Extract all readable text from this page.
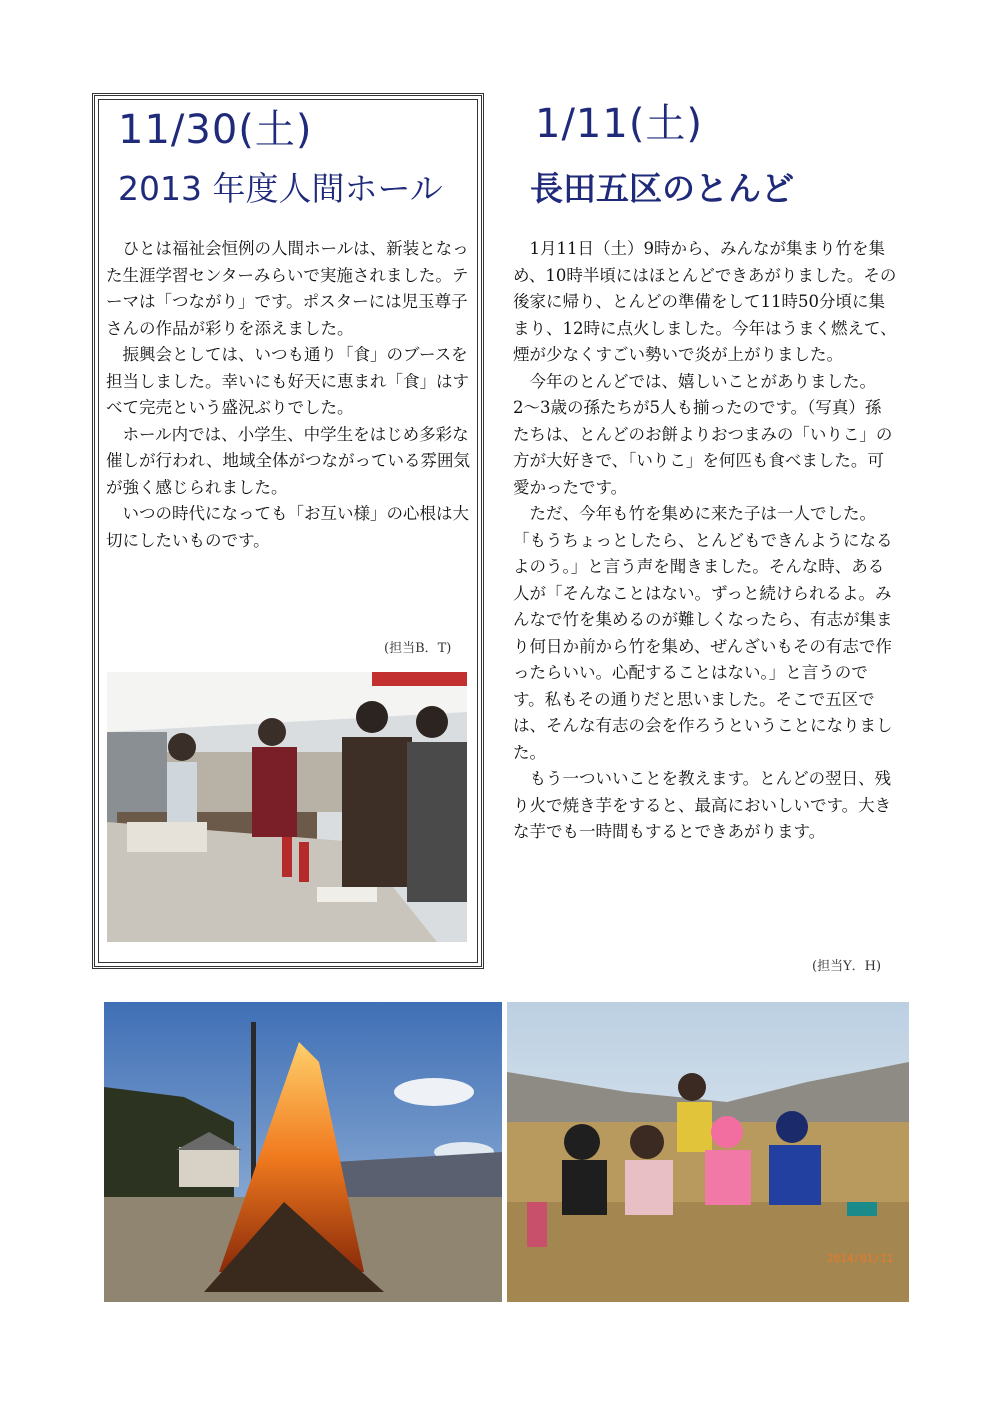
11/30(土)
2013 年度人間ホール

ひとは福祉会恒例の人間ホールは、新装となった生涯学習センターみらいで実施されました。テーマは「つながり」です。ポスターには児玉尊子さんの作品が彩りを添えました。

振興会としては、いつも通り「食」のブースを担当しました。幸いにも好天に恵まれ「食」はすべて完売という盛況ぶりでした。

ホール内では、小学生、中学生をはじめ多彩な催しが行われ、地域全体がつながっている雰囲気が強く感じられました。

いつの時代になっても「お互い様」の心根は大切にしたいものです。

(担当B．T)
1/11(土)
長田五区のとんど

1月11日（土）9時から、みんなが集まり竹を集め、10時半頃にはほとんどできあがりました。その後家に帰り、とんどの準備をして11時50分頃に集まり、12時に点火しました。今年はうまく燃えて、煙が少なくすごい勢いで炎が上がりました。

今年のとんどでは、嬉しいことがありました。2〜3歳の孫たちが5人も揃ったのです。（写真）孫たちは、とんどのお餅よりおつまみの「いりこ」の方が大好きで、「いりこ」を何匹も食べました。可愛かったです。

ただ、今年も竹を集めに来た子は一人でした。「もうちょっとしたら、とんどもできんようになるよのう。」と言う声を聞きました。そんな時、ある人が「そんなことはない。ずっと続けられるよ。みんなで竹を集めるのが難しくなったら、有志が集まり何日か前から竹を集め、ぜんざいもその有志で作ったらいい。心配することはない。」と言うのです。私もその通りだと思いました。そこで五区では、そんな有志の会を作ろうということになりました。

もう一ついいことを教えます。とんどの翌日、残り火で焼き芋をすると、最高においしいです。大きな芋でも一時間もするとできあがります。

(担当Y．H)
2014/01/11
